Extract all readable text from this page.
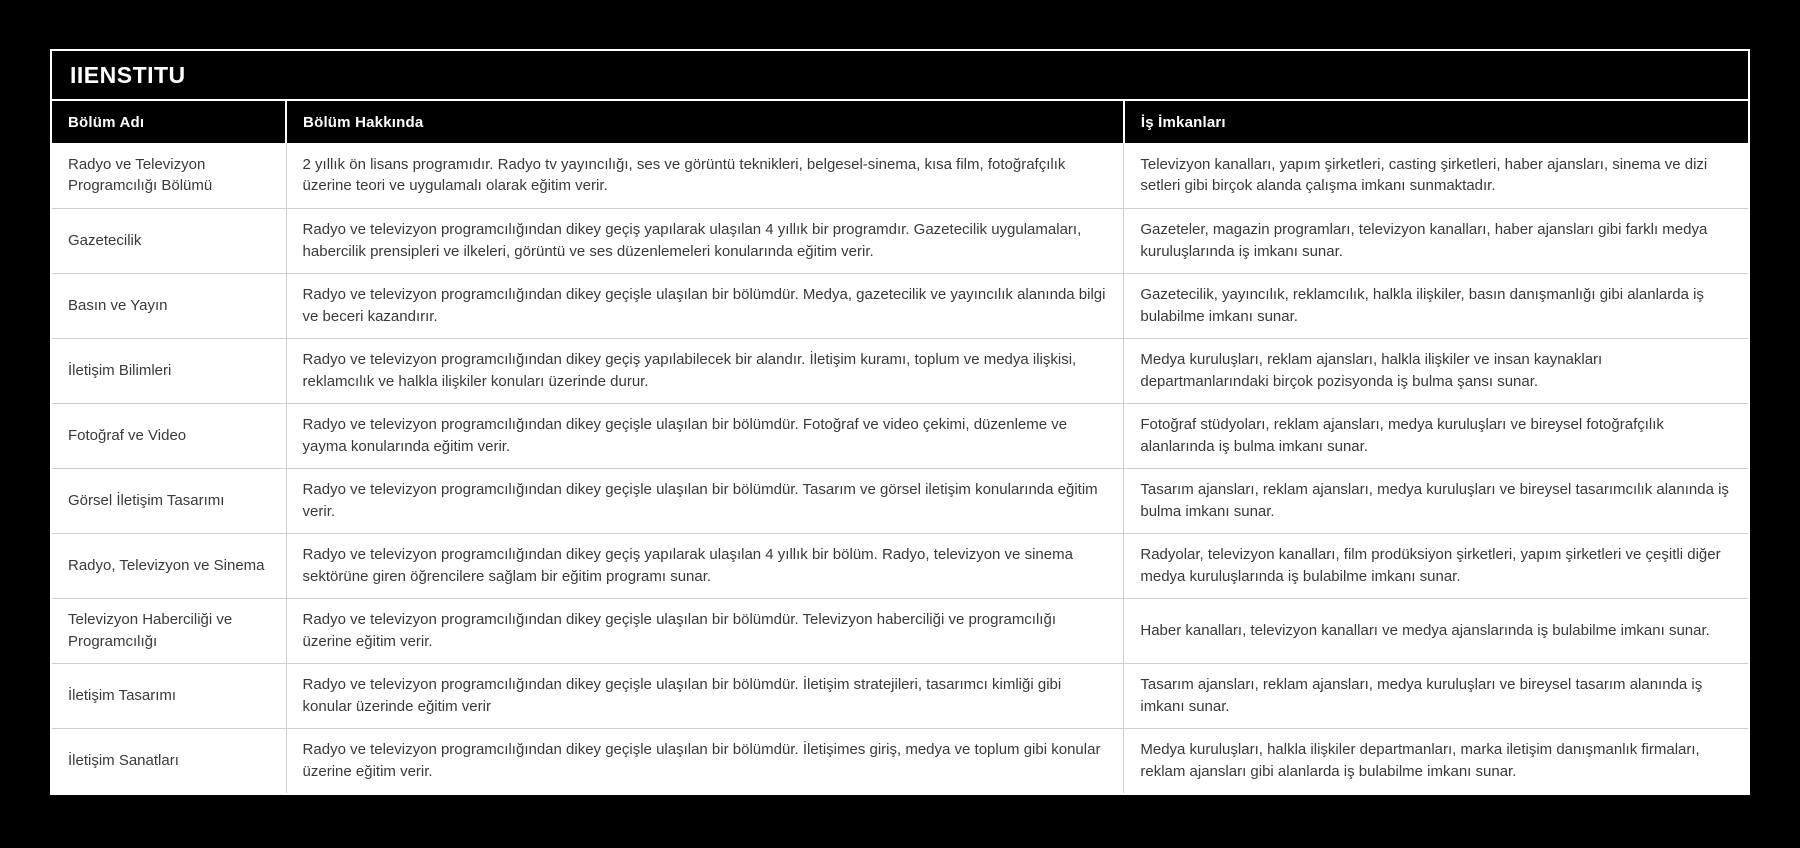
IIENSTITU
Bölüm Adı	Bölüm Hakkında	İş İmkanları
Radyo ve Televizyon Programcılığı Bölümü	2 yıllık ön lisans programıdır. Radyo tv yayıncılığı, ses ve görüntü teknikleri, belgesel-sinema, kısa film, fotoğrafçılık üzerine teori ve uygulamalı olarak eğitim verir.	Televizyon kanalları, yapım şirketleri, casting şirketleri, haber ajansları, sinema ve dizi setleri gibi birçok alanda çalışma imkanı sunmaktadır.
Gazetecilik	Radyo ve televizyon programcılığından dikey geçiş yapılarak ulaşılan 4 yıllık bir programdır. Gazetecilik uygulamaları, habercilik prensipleri ve ilkeleri, görüntü ve ses düzenlemeleri konularında eğitim verir.	Gazeteler, magazin programları, televizyon kanalları, haber ajansları gibi farklı medya kuruluşlarında iş imkanı sunar.
Basın ve Yayın	Radyo ve televizyon programcılığından dikey geçişle ulaşılan bir bölümdür. Medya, gazetecilik ve yayıncılık alanında bilgi ve beceri kazandırır.	Gazetecilik, yayıncılık, reklamcılık, halkla ilişkiler, basın danışmanlığı gibi alanlarda iş bulabilme imkanı sunar.
İletişim Bilimleri	Radyo ve televizyon programcılığından dikey geçiş yapılabilecek bir alandır. İletişim kuramı, toplum ve medya ilişkisi, reklamcılık ve halkla ilişkiler konuları üzerinde durur.	Medya kuruluşları, reklam ajansları, halkla ilişkiler ve insan kaynakları departmanlarındaki birçok pozisyonda iş bulma şansı sunar.
Fotoğraf ve Video	Radyo ve televizyon programcılığından dikey geçişle ulaşılan bir bölümdür. Fotoğraf ve video çekimi, düzenleme ve yayma konularında eğitim verir.	Fotoğraf stüdyoları, reklam ajansları, medya kuruluşları ve bireysel fotoğrafçılık alanlarında iş bulma imkanı sunar.
Görsel İletişim Tasarımı	Radyo ve televizyon programcılığından dikey geçişle ulaşılan bir bölümdür. Tasarım ve görsel iletişim konularında eğitim verir.	Tasarım ajansları, reklam ajansları, medya kuruluşları ve bireysel tasarımcılık alanında iş bulma imkanı sunar.
Radyo, Televizyon ve Sinema	Radyo ve televizyon programcılığından dikey geçiş yapılarak ulaşılan 4 yıllık bir bölüm. Radyo, televizyon ve sinema sektörüne giren öğrencilere sağlam bir eğitim programı sunar.	Radyolar, televizyon kanalları, film prodüksiyon şirketleri, yapım şirketleri ve çeşitli diğer medya kuruluşlarında iş bulabilme imkanı sunar.
Televizyon Haberciliği ve Programcılığı	Radyo ve televizyon programcılığından dikey geçişle ulaşılan bir bölümdür. Televizyon haberciliği ve programcılığı üzerine eğitim verir.	Haber kanalları, televizyon kanalları ve medya ajanslarında iş bulabilme imkanı sunar.
İletişim Tasarımı	Radyo ve televizyon programcılığından dikey geçişle ulaşılan bir bölümdür. İletişim stratejileri, tasarımcı kimliği gibi konular üzerinde eğitim verir	Tasarım ajansları, reklam ajansları, medya kuruluşları ve bireysel tasarım alanında iş imkanı sunar.
İletişim Sanatları	Radyo ve televizyon programcılığından dikey geçişle ulaşılan bir bölümdür. İletişimes giriş, medya ve toplum gibi konular üzerine eğitim verir.	Medya kuruluşları, halkla ilişkiler departmanları, marka iletişim danışmanlık firmaları, reklam ajansları gibi alanlarda iş bulabilme imkanı sunar.
